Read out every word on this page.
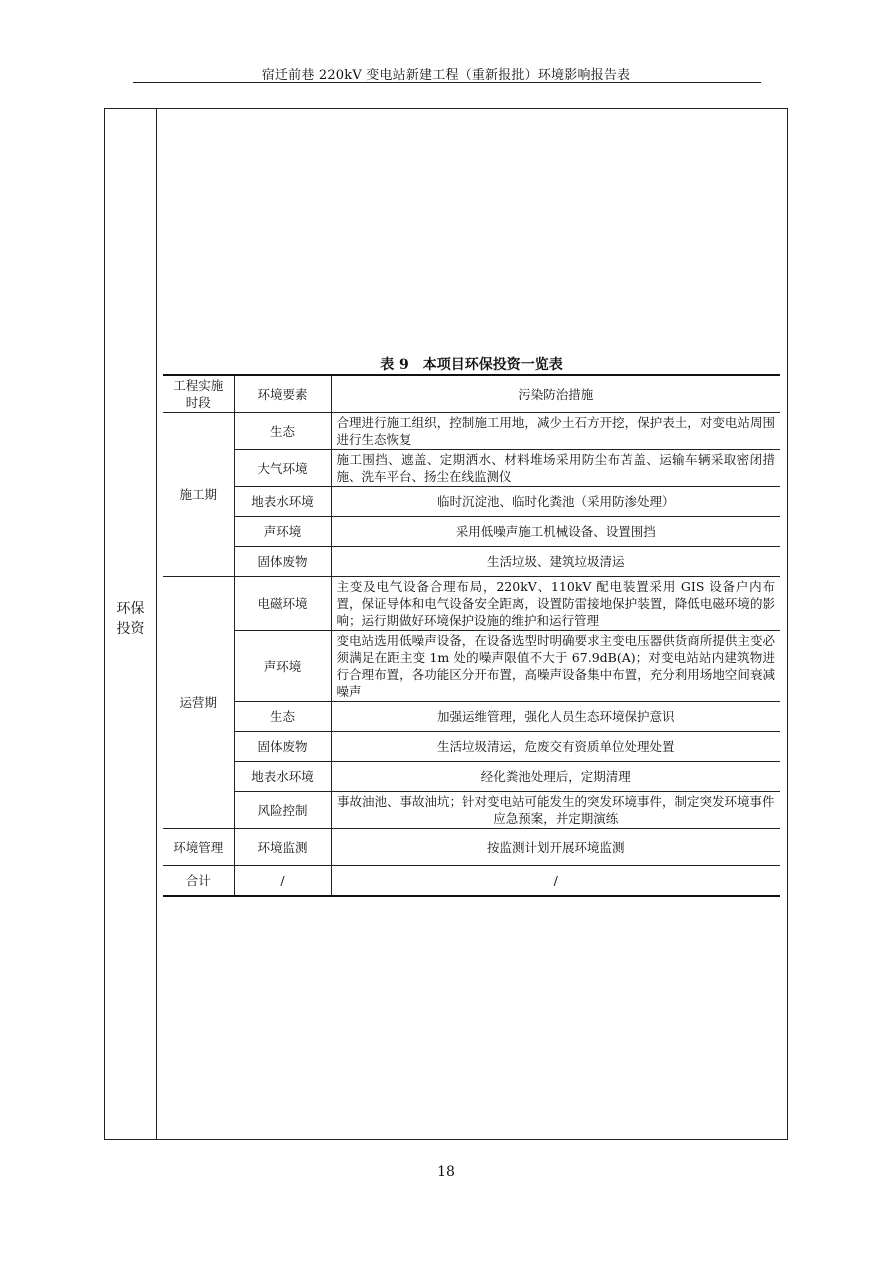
宿迁前巷 220kV 变电站新建工程（重新报批）环境影响报告表
环保
投资
表 9　本项目环保投资一览表
工程实施时段	环境要素	污染防治措施
施工期	生态	合理进行施工组织，控制施工用地，减少土石方开挖，保护表土，对变电站周围进行生态恢复
	大气环境	施工围挡、遮盖、定期洒水、材料堆场采用防尘布苫盖、运输车辆采取密闭措施、洗车平台、扬尘在线监测仪
	地表水环境	临时沉淀池、临时化粪池（采用防渗处理）
	声环境	采用低噪声施工机械设备、设置围挡
	固体废物	生活垃圾、建筑垃圾清运
运营期	电磁环境	主变及电气设备合理布局，220kV、110kV 配电装置采用 GIS 设备户内布置，保证导体和电气设备安全距离，设置防雷接地保护装置，降低电磁环境的影响；运行期做好环境保护设施的维护和运行管理
	声环境	变电站选用低噪声设备，在设备选型时明确要求主变电压器供货商所提供主变必须满足在距主变 1m 处的噪声限值不大于 67.9dB(A)；对变电站站内建筑物进行合理布置，各功能区分开布置，高噪声设备集中布置，充分利用场地空间衰减噪声
	生态	加强运维管理，强化人员生态环境保护意识
	固体废物	生活垃圾清运，危废交有资质单位处理处置
	地表水环境	经化粪池处理后，定期清理
	风险控制	事故油池、事故油坑；针对变电站可能发生的突发环境事件，制定突发环境事件应急预案，并定期演练
环境管理	环境监测	按监测计划开展环境监测
合计	/	/
18
